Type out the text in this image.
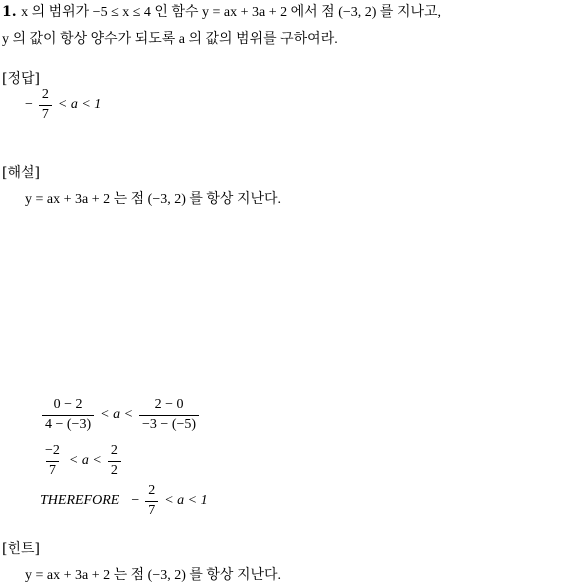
1. x 의 범위가 −5 ≤ x ≤ 4 인 함수 y = ax + 3a + 2 에서 점 (−3, 2) 를 지나고,
y 의 값이 항상 양수가 되도록 a 의 값의 범위를 구하여라.
[정답]
− $\frac{2}{7} < a < 1$
[해설]
y = ax + 3a + 2 는 점 (−3, 2) 를 항상 지난다.
$\frac{0 - 2}{4 - (-3)} < a < \frac{2 - 0}{-3 - (-5)}$
$\frac{-2}{7} < a < \frac{2}{2}$
THEREFORE − $\frac{2}{7} < a < 1$
[힌트]
y = ax + 3a + 2 는 점 (−3, 2) 를 항상 지난다.
